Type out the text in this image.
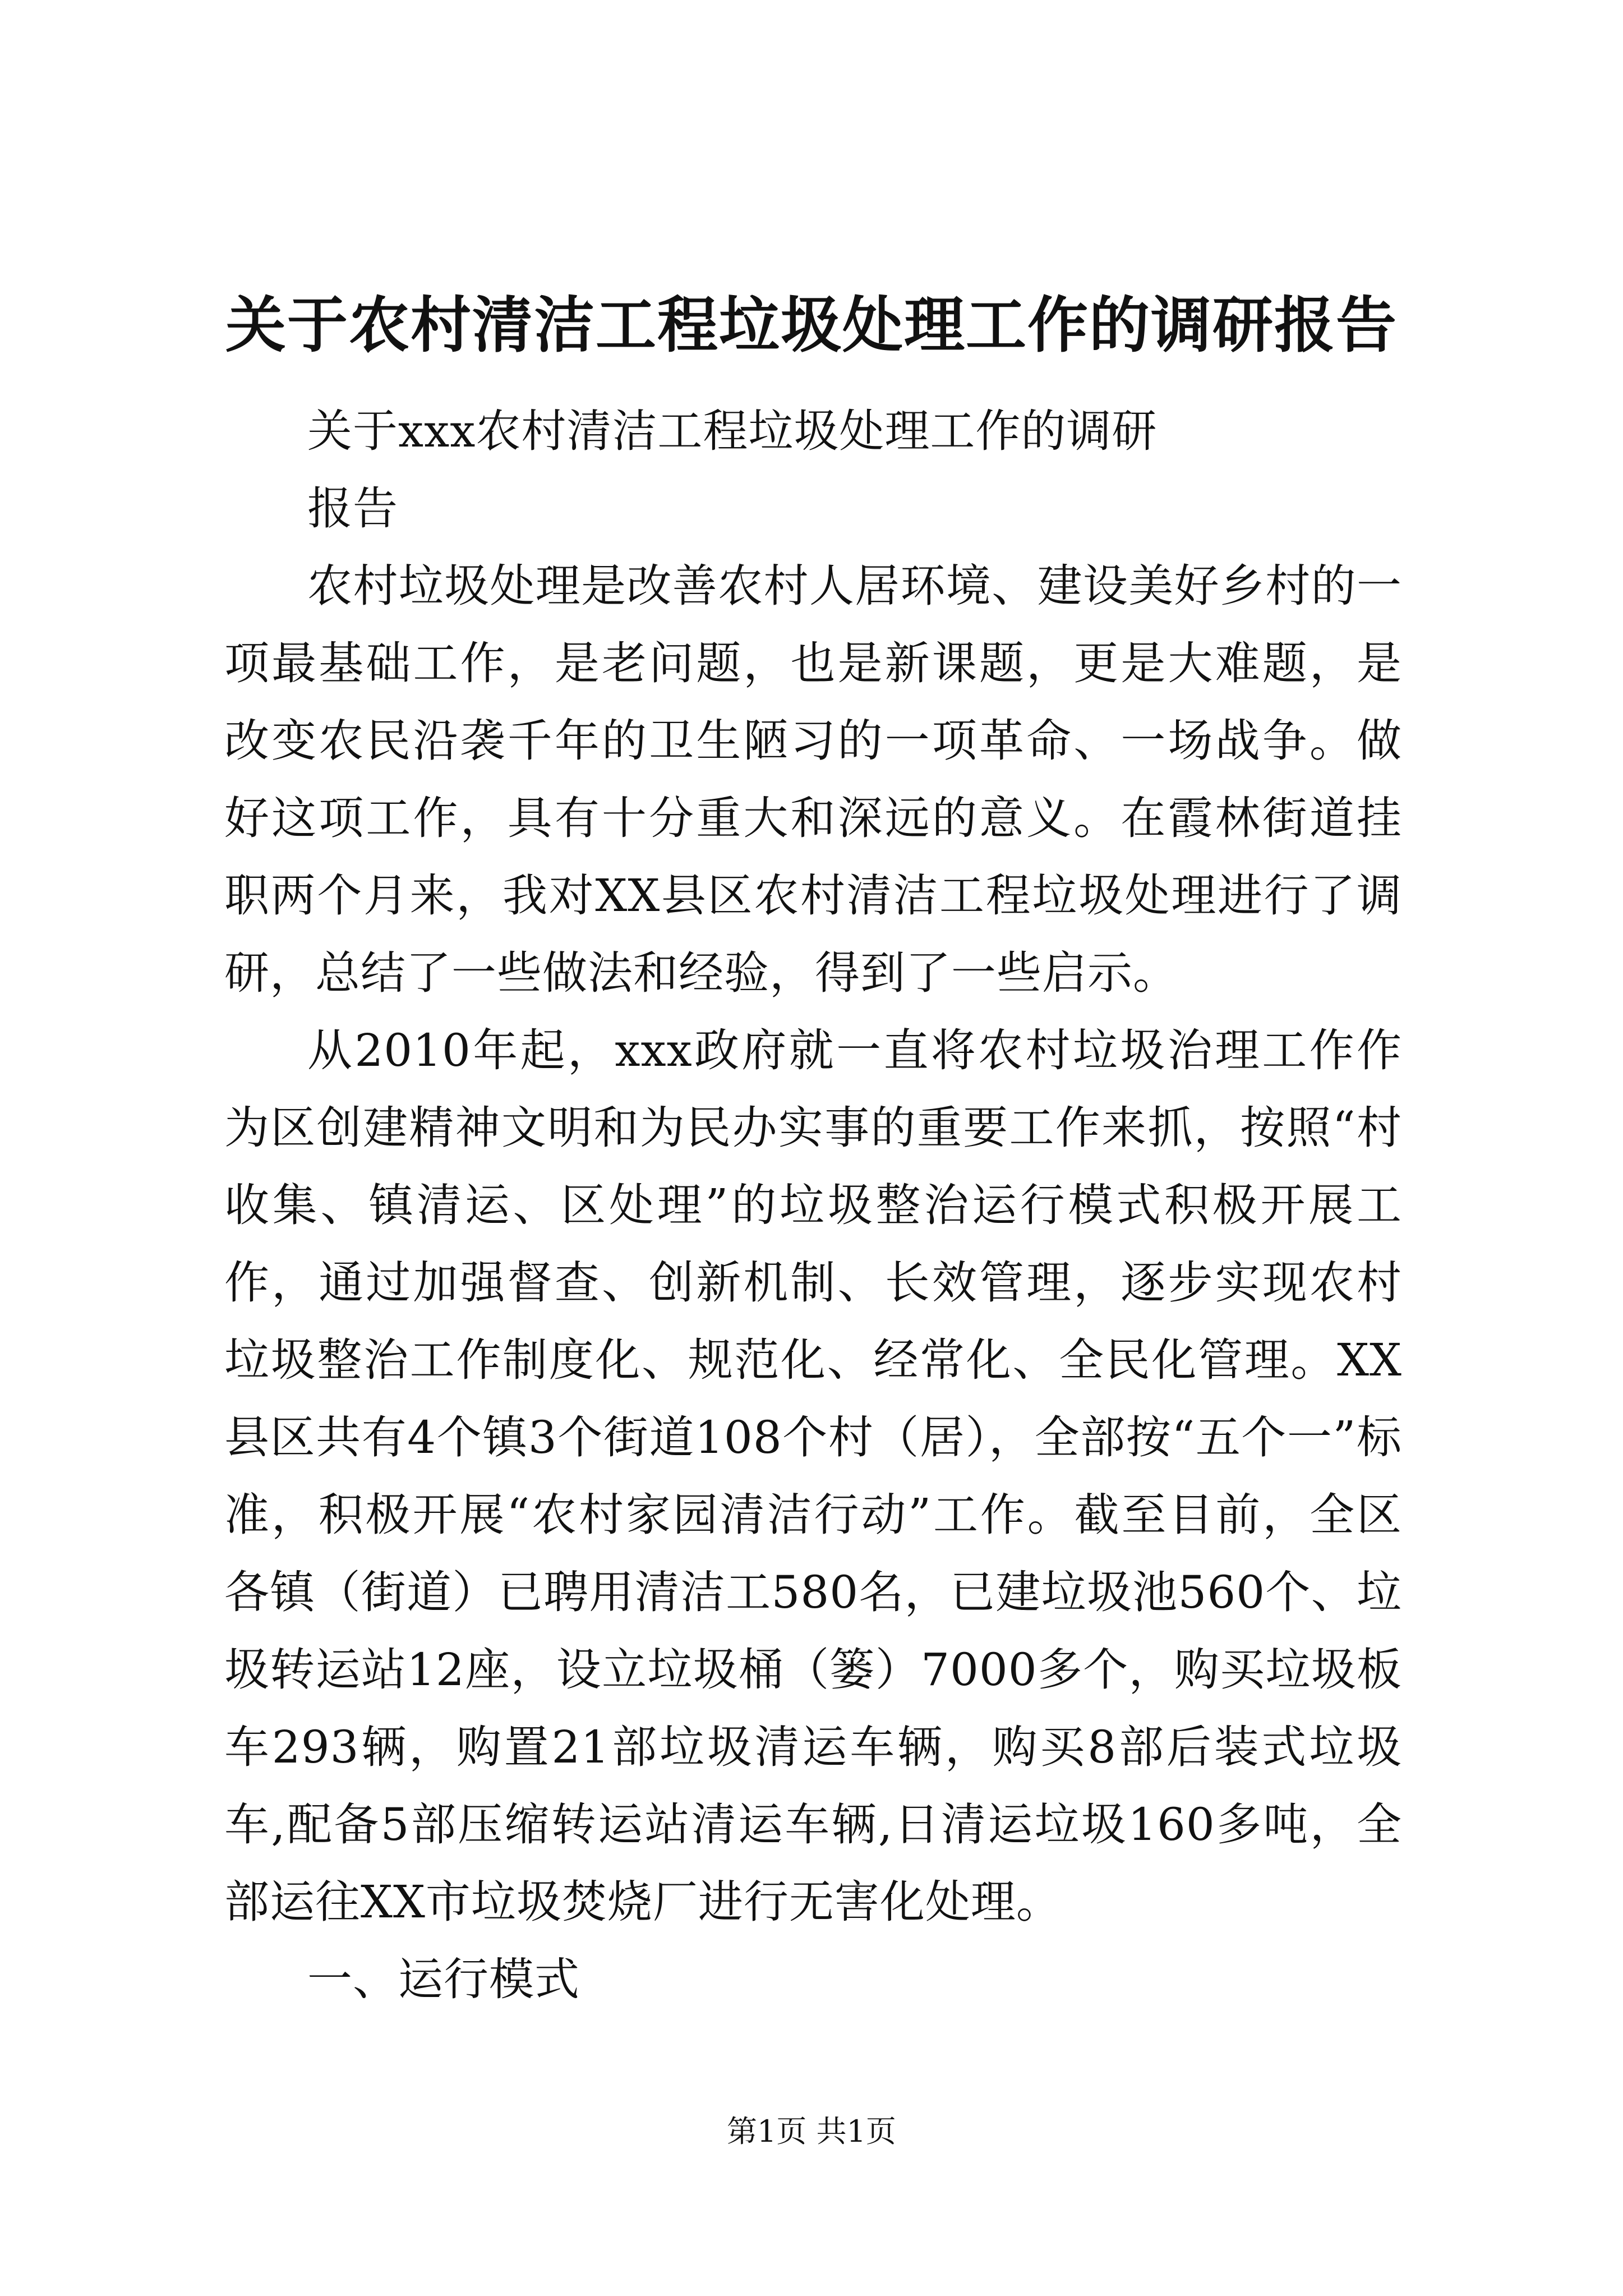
关于农村清洁工程垃圾处理工作的调研报告

关于xxx农村清洁工程垃圾处理工作的调研

报告

农村垃圾处理是改善农村人居环境、建设美好乡村的一项最基础工作，是老问题，也是新课题，更是大难题，是改变农民沿袭千年的卫生陋习的一项革命、一场战争。做好这项工作，具有十分重大和深远的意义。在霞林街道挂职两个月来，我对XX县区农村清洁工程垃圾处理进行了调研，总结了一些做法和经验，得到了一些启示。

从2010年起，xxx政府就一直将农村垃圾治理工作作为区创建精神文明和为民办实事的重要工作来抓，按照“村收集、镇清运、区处理”的垃圾整治运行模式积极开展工作，通过加强督查、创新机制、长效管理，逐步实现农村垃圾整治工作制度化、规范化、经常化、全民化管理。XX县区共有4个镇3个街道108个村（居），全部按“五个一”标准，积极开展“农村家园清洁行动”工作。截至目前，全区各镇（街道）已聘用清洁工580名，已建垃圾池560个、垃圾转运站12座，设立垃圾桶（篓）7000多个，购买垃圾板车293辆，购置21部垃圾清运车辆，购买8部后装式垃圾车,配备5部压缩转运站清运车辆,日清运垃圾160多吨，全部运往XX市垃圾焚烧厂进行无害化处理。

一、运行模式

第1页 共1页
